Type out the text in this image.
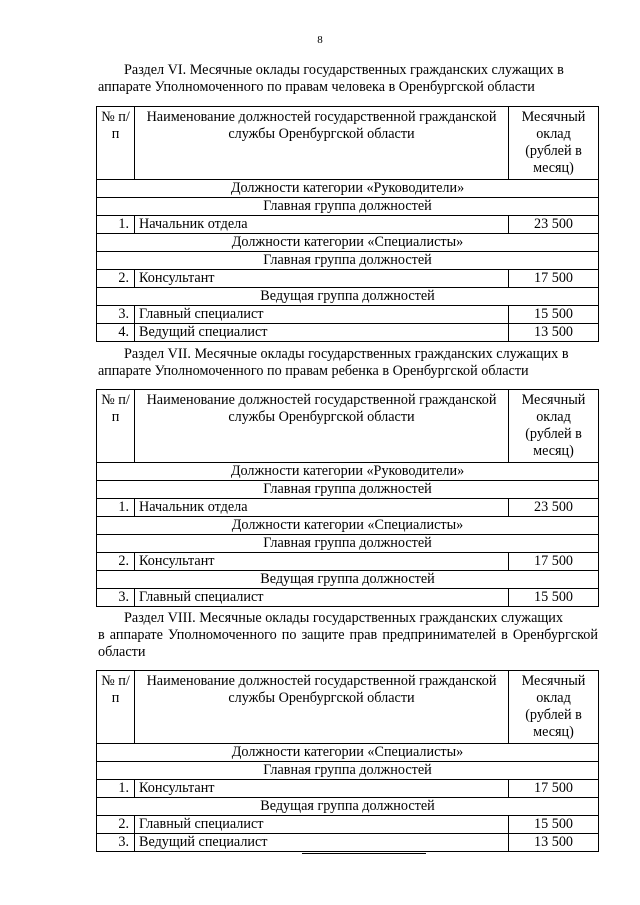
8
Раздел VI. Месячные оклады государственных гражданских служащих в
аппарате Уполномоченного по правам человека в Оренбургской области
№ п/п	Наименование должностей государственной гражданской службы Оренбургской области	Месячный оклад (рублей в месяц)
Должности категории «Руководители»		
Главная группа должностей		
1.	Начальник отдела	23 500
Должности категории «Специалисты»		
Главная группа должностей		
2.	Консультант	17 500
Ведущая группа должностей		
3.	Главный специалист	15 500
4.	Ведущий специалист	13 500
Раздел VII. Месячные оклады государственных гражданских служащих в
аппарате Уполномоченного по правам ребенка в Оренбургской области
№ п/п	Наименование должностей государственной гражданской службы Оренбургской области	Месячный оклад (рублей в месяц)
Должности категории «Руководители»		
Главная группа должностей		
1.	Начальник отдела	23 500
Должности категории «Специалисты»		
Главная группа должностей		
2.	Консультант	17 500
Ведущая группа должностей		
3.	Главный специалист	15 500
Раздел VIII. Месячные оклады государственных гражданских служащих
в аппарате Уполномоченного по защите прав предпринимателей в Оренбургской области
№ п/п	Наименование должностей государственной гражданской службы Оренбургской области	Месячный оклад (рублей в месяц)
Должности категории «Специалисты»		
Главная группа должностей		
1.	Консультант	17 500
Ведущая группа должностей		
2.	Главный специалист	15 500
3.	Ведущий специалист	13 500
